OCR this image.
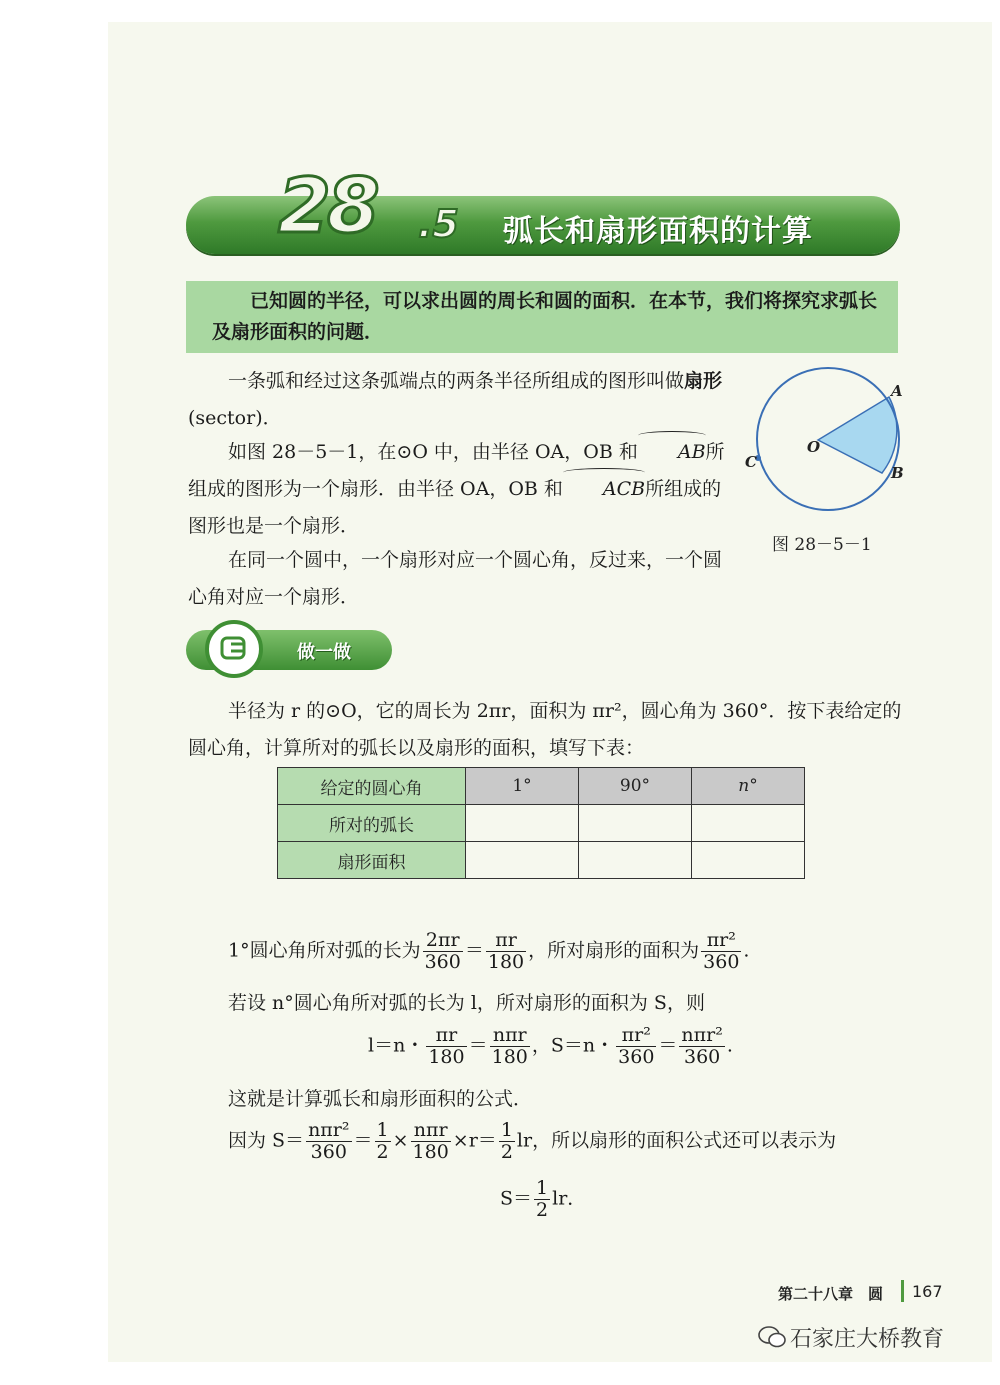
28 .5 弧长和扇形面积的计算
已知圆的半径，可以求出圆的周长和圆的面积．在本节，我们将探究求弧长及扇形面积的问题．
一条弧和经过这条弧端点的两条半径所组成的图形叫做扇形(sector)．
如图 28－5－1，在⊙O 中，由半径 OA，OB 和 AB所组成的图形为一个扇形．由半径 OA，OB 和 ACB所组成的图形也是一个扇形．
在同一个圆中，一个扇形对应一个圆心角，反过来，一个圆心角对应一个扇形．
A
B
C
O
图 28－5－1
做一做
半径为 r 的⊙O，它的周长为 2πr，面积为 πr²，圆心角为 360°．按下表给定的圆心角，计算所对的弧长以及扇形的面积，填写下表：
给定的圆心角	1°	90°	n°
所对的弧长			
扇形面积			
1°圆心角所对弧的长为 $\frac{2\pi r}{360} = \frac{\pi r}{180}$ ，所对扇形的面积为 $\frac{\text{πr²}}{360}$ .
若设 n°圆心角所对弧的长为 l，所对扇形的面积为 S，则
l＝n・ $\frac{\pi r}{180} = \frac{\text{nπr}}{180}$ ，S＝n・ $\frac{\text{πr²}}{360} = \frac{\text{nπr²}}{360}$ .
这就是计算弧长和扇形面积的公式．
因为 $S= \frac{\text{nπr²}}{360} = \frac{1}{2} \times \frac{\text{nπr}}{180} \times r= \frac{1}{2}$ lr，所以扇形的面积公式还可以表示为
$S= \frac{1}{2}$ lr．
第二十八章　圆 167
石家庄大桥教育
